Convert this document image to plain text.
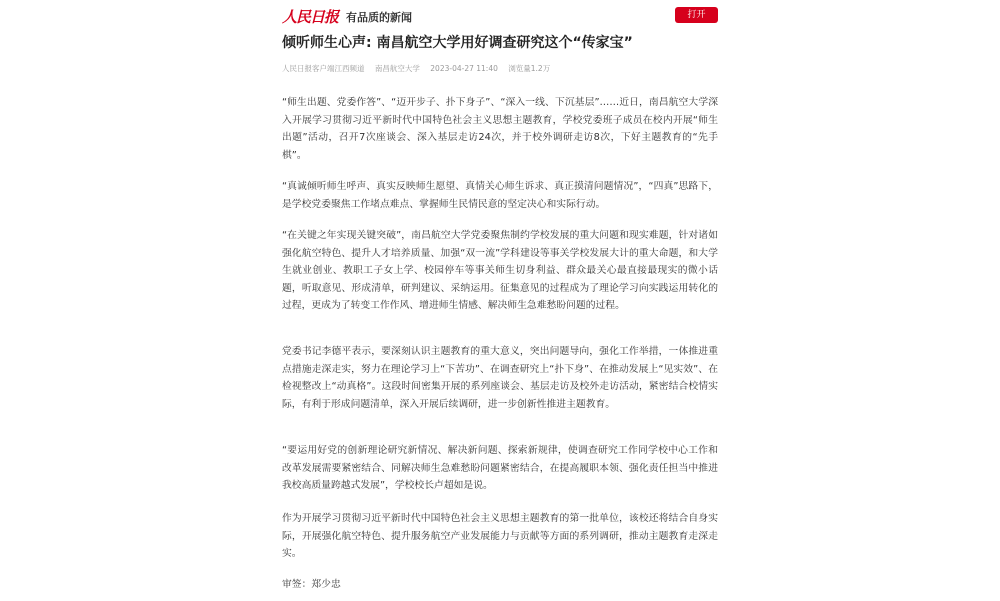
人民日报 有品质的新闻	打开
倾听师生心声: 南昌航空大学用好调查研究这个“传家宝”
人民日报客户端江西频道 南昌航空大学 2023-04-27 11:40 浏览量1.2万

“师生出题、党委作答”、“迈开步子、扑下身子”、“深入一线、下沉基层”……近日，南昌航空大学深入开展学习贯彻习近平新时代中国特色社会主义思想主题教育，学校党委班子成员在校内开展“师生出题”活动，召开7次座谈会、深入基层走访24次，并于校外调研走访8次，下好主题教育的“先手棋”。

“真诚倾听师生呼声、真实反映师生愿望、真情关心师生诉求、真正摸清问题情况”，“四真”思路下，是学校党委聚焦工作堵点难点、掌握师生民情民意的坚定决心和实际行动。

“在关键之年实现关键突破”，南昌航空大学党委聚焦制约学校发展的重大问题和现实难题，针对诸如强化航空特色、提升人才培养质量、加强“双一流”学科建设等事关学校发展大计的重大命题，和大学生就业创业、教职工子女上学、校园停车等事关师生切身利益、群众最关心最直接最现实的微小话题，听取意见、形成清单，研判建议、采纳运用。征集意见的过程成为了理论学习向实践运用转化的过程，更成为了转变工作作风、增进师生情感、解决师生急难愁盼问题的过程。

党委书记李德平表示，要深刻认识主题教育的重大意义，突出问题导向，强化工作举措，一体推进重点措施走深走实，努力在理论学习上“下苦功”、在调查研究上“扑下身”、在推动发展上“见实效”、在检视整改上“动真格”。这段时间密集开展的系列座谈会、基层走访及校外走访活动，紧密结合校情实际，有利于形成问题清单，深入开展后续调研，进一步创新性推进主题教育。

“要运用好党的创新理论研究新情况、解决新问题、探索新规律，使调查研究工作同学校中心工作和改革发展需要紧密结合、同解决师生急难愁盼问题紧密结合，在提高履职本领、强化责任担当中推进我校高质量跨越式发展”，学校校长卢超如是说。

作为开展学习贯彻习近平新时代中国特色社会主义思想主题教育的第一批单位，该校还将结合自身实际，开展强化航空特色、提升服务航空产业发展能力与贡献等方面的系列调研，推动主题教育走深走实。

审签：郑少忠
